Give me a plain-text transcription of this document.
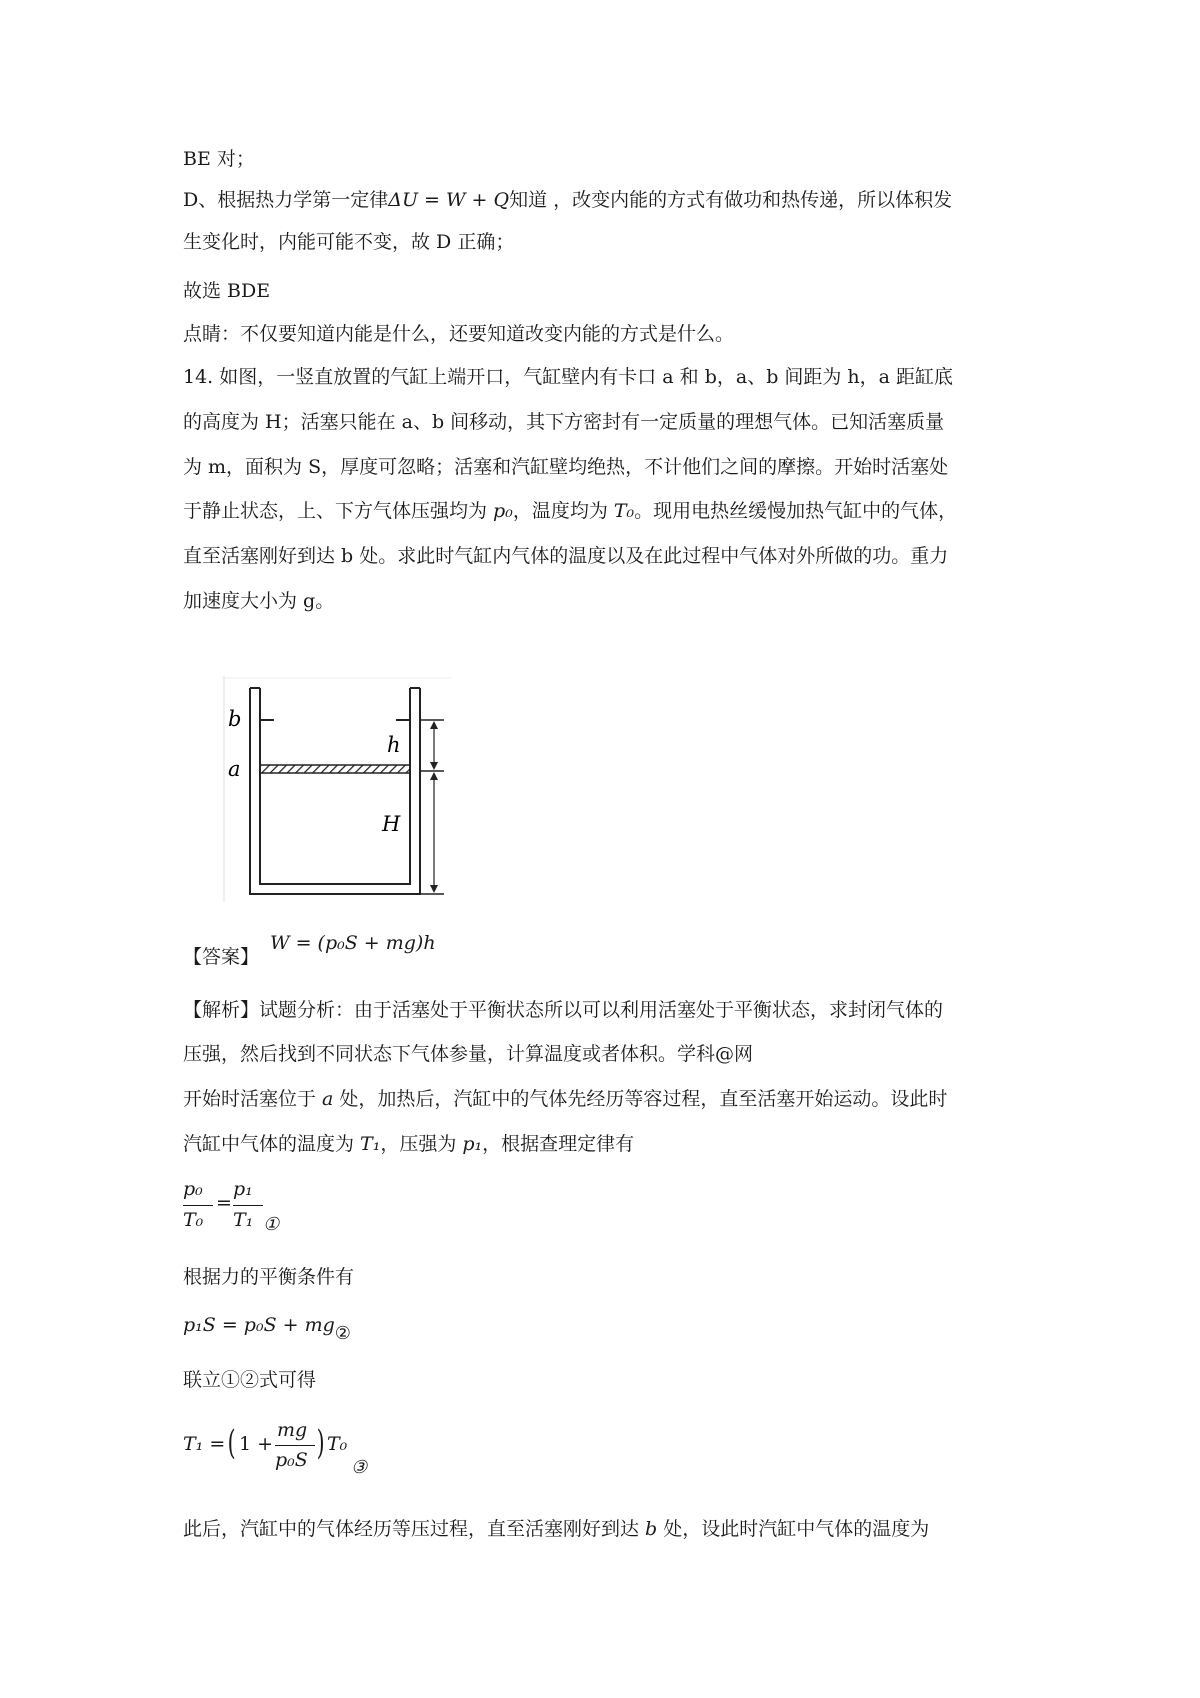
BE 对；
D、根据热力学第一定律ΔU = W + Q知道 ，改变内能的方式有做功和热传递，所以体积发
生变化时，内能可能不变，故 D 正确；
故选 BDE
点睛：不仅要知道内能是什么，还要知道改变内能的方式是什么。
14. 如图，一竖直放置的气缸上端开口，气缸壁内有卡口 a 和 b，a、b 间距为 h，a 距缸底
的高度为 H；活塞只能在 a、b 间移动，其下方密封有一定质量的理想气体。已知活塞质量
为 m，面积为 S，厚度可忽略；活塞和汽缸壁均绝热，不计他们之间的摩擦。开始时活塞处
于静止状态，上、下方气体压强均为 p₀，温度均为 T₀。现用电热丝缓慢加热气缸中的气体，
直至活塞刚好到达 b 处。求此时气缸内气体的温度以及在此过程中气体对外所做的功。重力
加速度大小为 g。
b
a
h
H
【答案】
W = (p₀S + mg)h
【解析】试题分析：由于活塞处于平衡状态所以可以利用活塞处于平衡状态，求封闭气体的
压强，然后找到不同状态下气体参量，计算温度或者体积。学科@网
开始时活塞位于 a 处，加热后，汽缸中的气体先经历等容过程，直至活塞开始运动。设此时
汽缸中气体的温度为 T₁，压强为 p₁，根据查理定律有
p₀
T₀
=
p₁
T₁ ①
根据力的平衡条件有
p₁S = p₀S + mg②
联立①②式可得
T₁ = ( 1 +
mg
p₀S ) T₀
③
此后，汽缸中的气体经历等压过程，直至活塞刚好到达 b 处，设此时汽缸中气体的温度为
